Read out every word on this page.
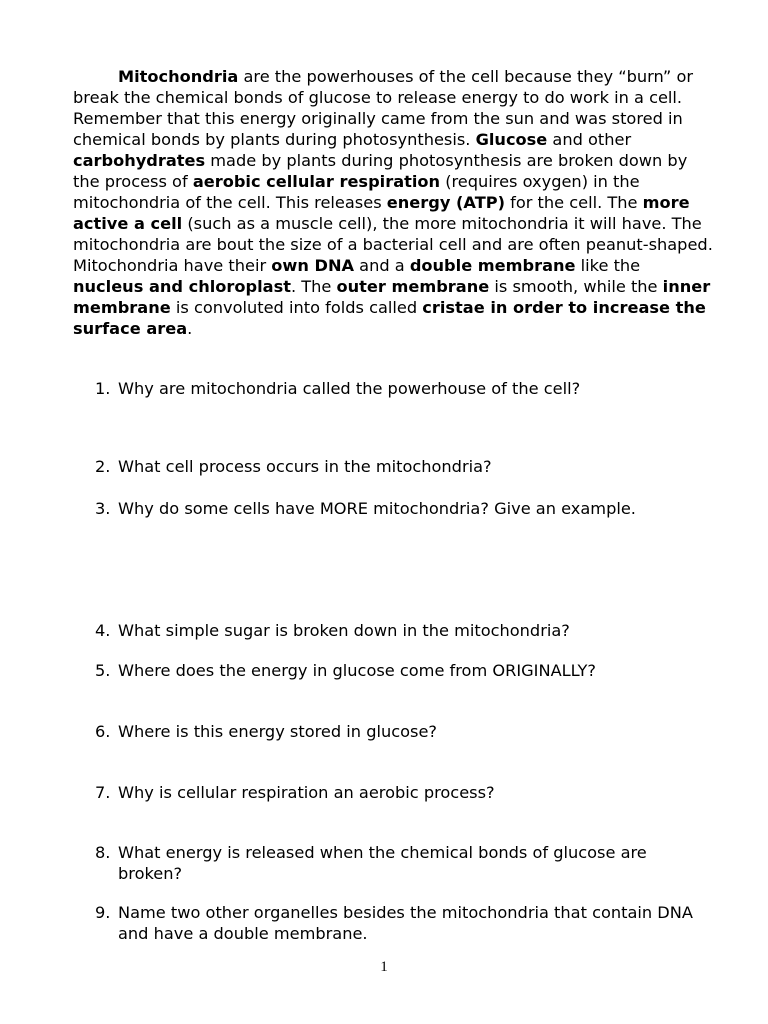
Mitochondria are the powerhouses of the cell because they “burn” or break the chemical bonds of glucose to release energy to do work in a cell. Remember that this energy originally came from the sun and was stored in chemical bonds by plants during photosynthesis. Glucose and other carbohydrates made by plants during photosynthesis are broken down by the process of aerobic cellular respiration (requires oxygen) in the mitochondria of the cell. This releases energy (ATP) for the cell. The more active a cell (such as a muscle cell), the more mitochondria it will have. The mitochondria are bout the size of a bacterial cell and are often peanut-shaped. Mitochondria have their own DNA and a double membrane like the nucleus and chloroplast. The outer membrane is smooth, while the inner membrane is convoluted into folds called cristae in order to increase the surface area.

1. Why are mitochondria called the powerhouse of the cell?
2. What cell process occurs in the mitochondria?
3. Why do some cells have MORE mitochondria? Give an example.
4. What simple sugar is broken down in the mitochondria?
5. Where does the energy in glucose come from ORIGINALLY?
6. Where is this energy stored in glucose?
7. Why is cellular respiration an aerobic process?
8. What energy is released when the chemical bonds of glucose are broken?
9. Name two other organelles besides the mitochondria that contain DNA and have a double membrane.
1
